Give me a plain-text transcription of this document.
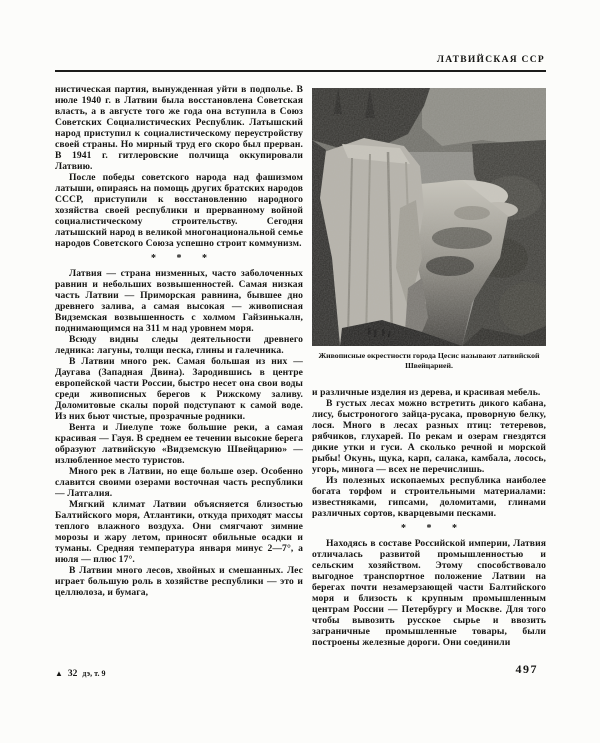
ЛАТВИЙСКАЯ ССР

нистическая партия, вынужденная уйти в подполье. В июле 1940 г. в Латвии была восстановлена Советская власть, а в августе того же года она вступила в Союз Советских Социалистических Республик. Латышский народ приступил к социалистическому переустройству своей страны. Но мирный труд его скоро был прерван. В 1941 г. гитлеровские полчища оккупировали Латвию.

После победы советского народа над фашизмом латыши, опираясь на помощь других братских народов СССР, приступили к восстановлению народного хозяйства своей республики и прерванному войной социалистическому строительству. Сегодня латышский народ в великой многонациональной семье народов Советского Союза успешно строит коммунизм.

* * *

Латвия — страна низменных, часто заболоченных равнин и небольших возвышенностей. Самая низкая часть Латвии — Приморская равнина, бывшее дно древнего залива, а самая высокая — живописная Видземская возвышенность с холмом Гайзинькалн, поднимающимся на 311 м над уровнем моря.

Всюду видны следы деятельности древнего ледника: лагуны, толщи песка, глины и галечника.

В Латвии много рек. Самая большая из них — Даугава (Западная Двина). Зародившись в центре европейской части России, быстро несет она свои воды среди живописных берегов к Рижскому заливу. Доломитовые скалы порой подступают к самой воде. Из них бьют чистые, прозрачные родники.

Вента и Лиелупе тоже большие реки, а самая красивая — Гауя. В среднем ее течении высокие берега образуют латвийскую «Видземскую Швейцарию» — излюбленное место туристов.

Много рек в Латвии, но еще больше озер. Особенно славится своими озерами восточная часть республики — Латгалия.

Мягкий климат Латвии объясняется близостью Балтийского моря, Атлантики, откуда приходят массы теплого влажного воздуха. Они смягчают зимние морозы и жару летом, приносят обильные осадки и туманы. Средняя температура января минус 2—7°, а июля — плюс 17°.

В Латвии много лесов, хвойных и смешанных. Лес играет большую роль в хозяйстве республики — это и целлюлоза, и бумага,

Живописные окрестности города Цесис называют латвийской Швейцарией.

и различные изделия из дерева, и красивая мебель.

В густых лесах можно встретить дикого кабана, лису, быстроногого зайца-русака, проворную белку, лося. Много в лесах разных птиц: тетеревов, рябчиков, глухарей. По рекам и озерам гнездятся дикие утки и гуси. А сколько речной и морской рыбы! Окунь, щука, карп, салака, камбала, лосось, угорь, минога — всех не перечислишь.

Из полезных ископаемых республика наиболее богата торфом и строительными материалами: известняками, гипсами, доломитами, глинами различных сортов, кварцевыми песками.

* * *

Находясь в составе Российской империи, Латвия отличалась развитой промышленностью и сельским хозяйством. Этому способствовало выгодное транспортное положение Латвии на берегах почти незамерзающей части Балтийского моря и близость к крупным промышленным центрам России — Петербургу и Москве. Для того чтобы вывозить русское сырье и ввозить заграничные промышленные товары, были построены железные дороги. Они соединили

▲ 32 дэ, т. 9	497
